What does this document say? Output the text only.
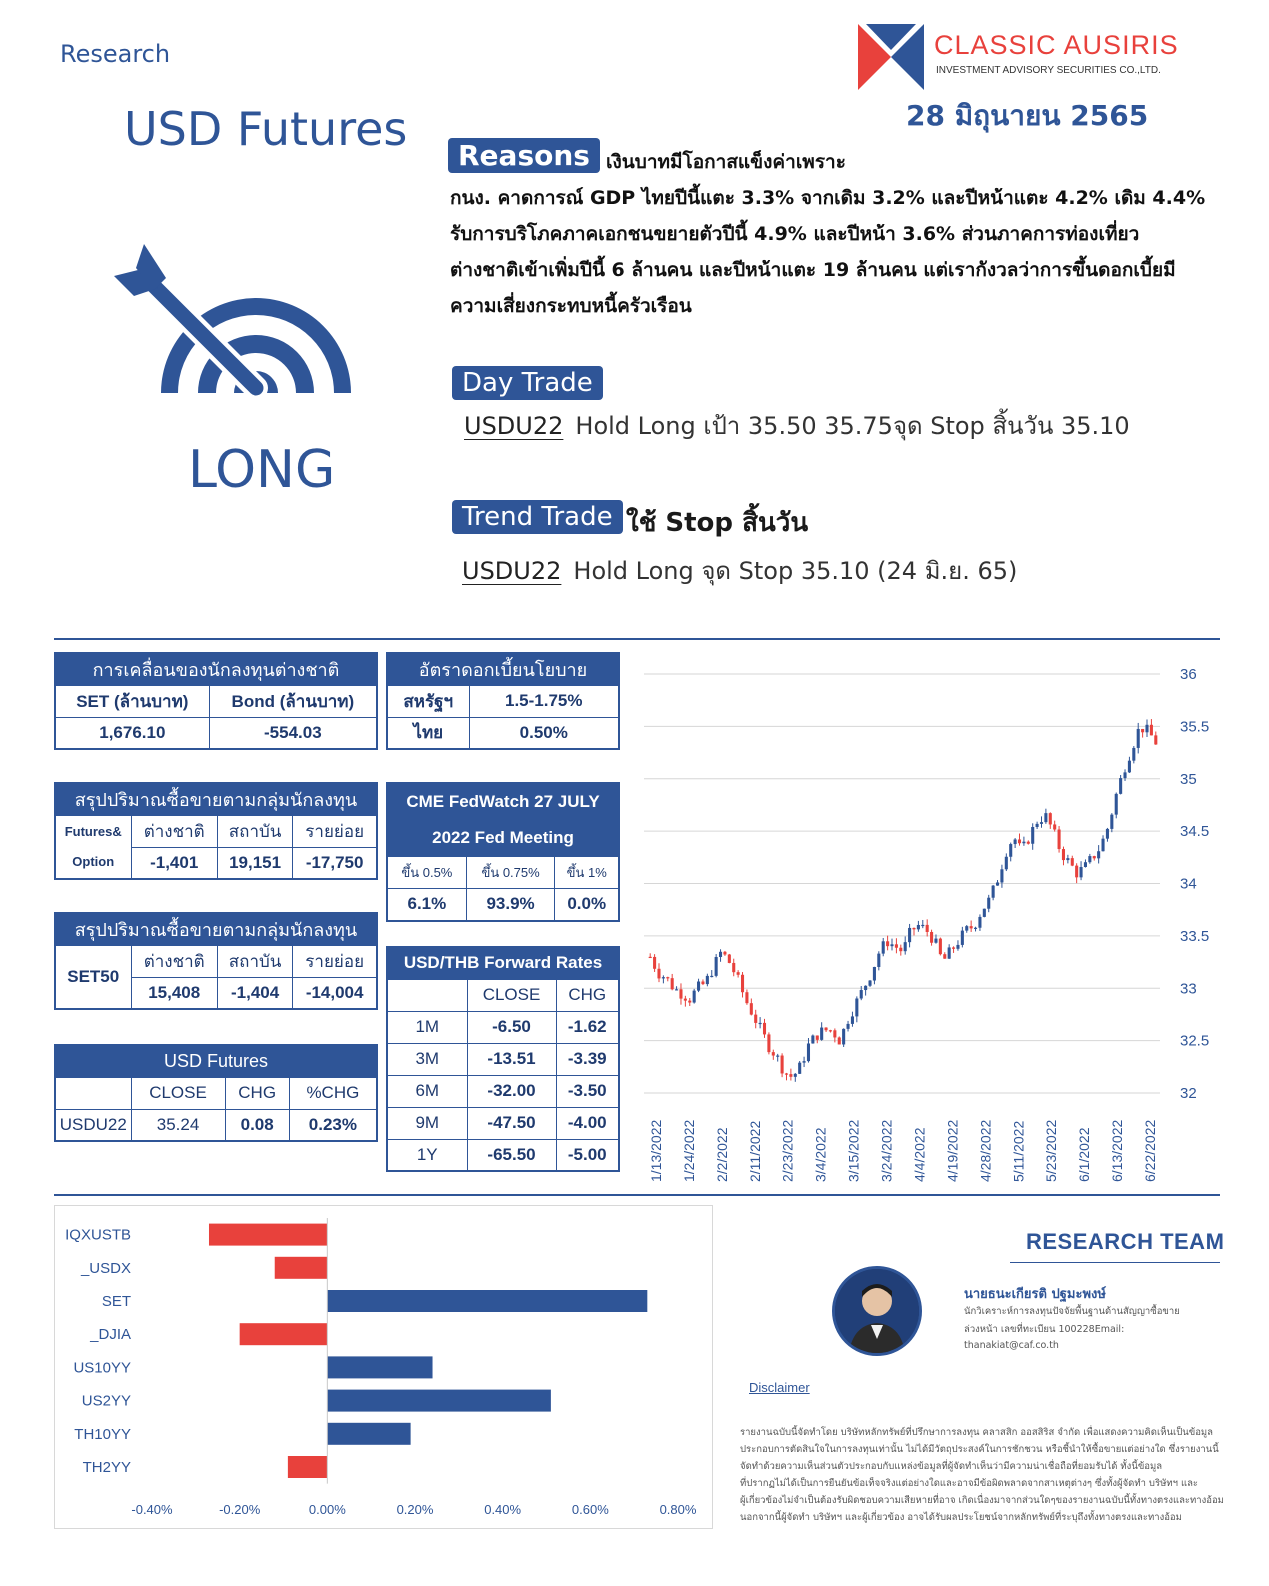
Research
USD Futures
CLASSIC AUSIRIS
INVESTMENT ADVISORY SECURITIES CO.,LTD.
28 มิถุนายน 2565
LONG
Reasons เงินบาทมีโอกาสแข็งค่าเพราะ
กนง. คาดการณ์ GDP ไทยปีนี้แตะ 3.3% จากเดิม 3.2% และปีหน้าแตะ 4.2% เดิม 4.4%
รับการบริโภคภาคเอกชนขยายตัวปีนี้ 4.9% และปีหน้า 3.6% ส่วนภาคการท่องเที่ยว
ต่างชาติเข้าเพิ่มปีนี้ 6 ล้านคน และปีหน้าแตะ 19 ล้านคน แต่เรากังวลว่าการขึ้นดอกเบี้ยมี
ความเสี่ยงกระทบหนี้ครัวเรือน
Day Trade
USDU22 Hold Long เป้า 35.50 35.75จุด Stop สิ้นวัน 35.10
Trend Trade ใช้ Stop สิ้นวัน
USDU22 Hold Long จุด Stop 35.10 (24 มิ.ย. 65)
การเคลื่อนของนักลงทุนต่างชาติ	
SET (ล้านบาท)	Bond (ล้านบาท)
1,676.10	-554.03
สรุปปริมาณซื้อขายตามกลุ่มนักลงทุน			
Futures&
Option	ต่างชาติ	สถาบัน	รายย่อย
	-1,401	19,151	-17,750
สรุปปริมาณซื้อขายตามกลุ่มนักลงทุน			
SET50	ต่างชาติ	สถาบัน	รายย่อย
	15,408	-1,404	-14,004
USD Futures			
	CLOSE	CHG	%CHG
USDU22	35.24	0.08	0.23%
อัตราดอกเบี้ยนโยบาย	
สหรัฐฯ	1.5-1.75%
ไทย	0.50%
CME FedWatch 27 JULY
2022 Fed Meeting		
ขึ้น 0.5%	ขึ้น 0.75%	ขึ้น 1%
6.1%	93.9%	0.0%
USD/THB Forward Rates		
	CLOSE	CHG
1M	-6.50	-1.62
3M	-13.51	-3.39
6M	-32.00	-3.50
9M	-47.50	-4.00
1Y	-65.50	-5.00
32
32.5
33
33.5
34
34.5
35
35.5
36
1/13/2022 1/24/2022 2/2/2022 2/11/2022 2/23/2022 3/4/2022 3/15/2022 3/24/2022 4/4/2022 4/19/2022 4/28/2022 5/11/2022 5/23/2022 6/1/2022 6/13/2022 6/22/2022
IQXUSTB
_USDX
SET
_DJIA
US10YY
US2YY
TH10YY
TH2YY
-0.40%	-0.20%	0.00%	0.20%	0.40%	0.60%	0.80%
RESEARCH TEAM
นายธนะเกียรติ ปฐมะพงษ์
นักวิเคราะห์การลงทุนปัจจัยพื้นฐานด้านสัญญาซื้อขาย
ล่วงหน้า เลขที่ทะเบียน 100228Email:
thanakiat@caf.co.th
Disclaimer
รายงานฉบับนี้จัดทำโดย บริษัทหลักทรัพย์ที่ปรึกษาการลงทุน คลาสสิก ออสสิริส จำกัด เพื่อแสดงความคิดเห็นเป็นข้อมูล
ประกอบการตัดสินใจในการลงทุนเท่านั้น ไม่ได้มีวัตถุประสงค์ในการชักชวน หรือชี้นำให้ซื้อขายแต่อย่างใด ซึ่งรายงานนี้
จัดทำด้วยความเห็นส่วนตัวประกอบกับแหล่งข้อมูลที่ผู้จัดทำเห็นว่ามีความน่าเชื่อถือที่ยอมรับได้ ทั้งนี้ข้อมูล
ที่ปรากฏไม่ได้เป็นการยืนยันข้อเท็จจริงแต่อย่างใดและอาจมีข้อผิดพลาดจากสาเหตุต่างๆ ซึ่งทั้งผู้จัดทำ บริษัทฯ และ
ผู้เกี่ยวข้องไม่จำเป็นต้องรับผิดชอบความเสียหายที่อาจ เกิดเนื่องมาจากส่วนใดๆของรายงานฉบับนี้ทั้งทางตรงและทางอ้อม
นอกจากนี้ผู้จัดทำ บริษัทฯ และผู้เกี่ยวข้อง อาจได้รับผลประโยชน์จากหลักทรัพย์ที่ระบุถึงทั้งทางตรงและทางอ้อม
